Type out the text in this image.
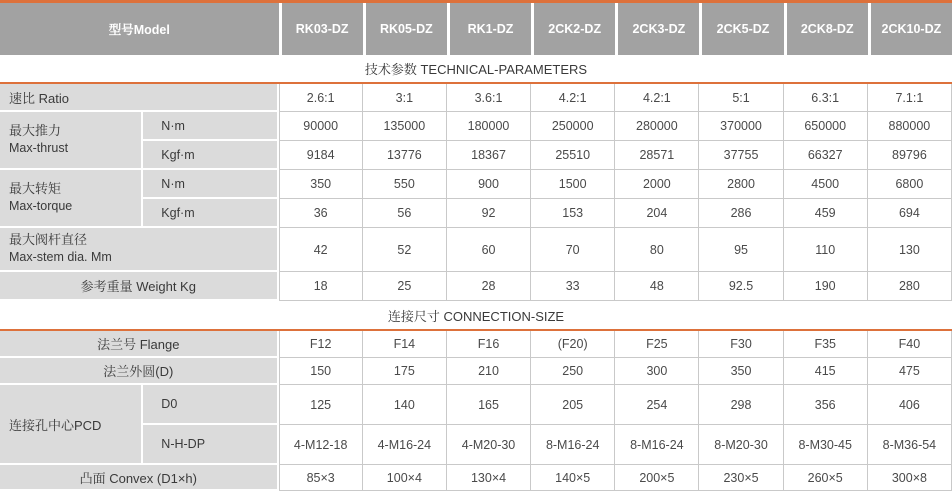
型号Model		RK03-DZ	RK05-DZ	RK1-DZ	2CK2-DZ	2CK3-DZ	2CK5-DZ	2CK8-DZ	2CK10-DZ
技术参数 TECHNICAL-PARAMETERS									
速比 Ratio		2.6:1	3:1	3.6:1	4.2:1	4.2:1	5:1	6.3:1	7.1:1

最大推力
Max-thrust	N·m	90000	135000	180000	250000	280000	370000	650000	880000
	Kgf·m	9184	13776	18367	25510	28571	37755	66327	89796

最大转矩
Max-torque	N·m	350	550	900	1500	2000	2800	4500	6800
	Kgf·m	36	56	92	153	204	286	459	694

最大阀杆直径
Max-stem dia. Mm		42	52	60	70	80	95	110	130
参考重量 Weight Kg		18	25	28	33	48	92.5	190	280
连接尺寸 CONNECTION-SIZE									
法兰号 Flange		F12	F14	F16	(F20)	F25	F30	F35	F40
法兰外圆(D)		150	175	210	250	300	350	415	475
连接孔中心PCD	D0	125	140	165	205	254	298	356	406
	N-H-DP	4-M12-18	4-M16-24	4-M20-30	8-M16-24	8-M16-24	8-M20-30	8-M30-45	8-M36-54
凸面 Convex (D1×h)		85×3	100×4	130×4	140×5	200×5	230×5	260×5	300×8
